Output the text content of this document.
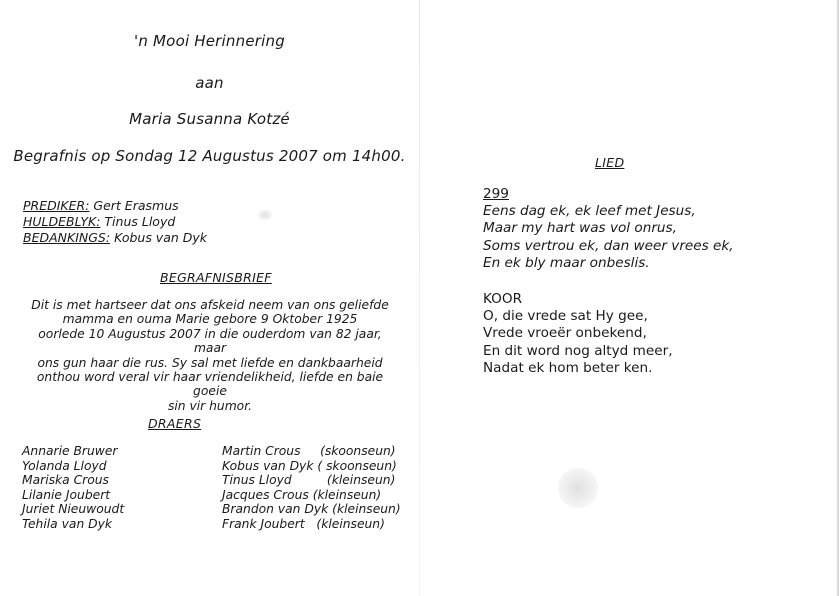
'n Mooi Herinnering
aan
Maria Susanna Kotzé
Begrafnis op Sondag 12 Augustus 2007 om 14h00.
PREDIKER: Gert Erasmus
HULDEBLYK: Tinus Lloyd
BEDANKINGS: Kobus van Dyk
BEGRAFNISBRIEF
Dit is met hartseer dat ons afskeid neem van ons geliefde
mamma en ouma Marie gebore 9 Oktober 1925
oorlede 10 Augustus 2007 in die ouderdom van 82 jaar, maar
ons gun haar die rus. Sy sal met liefde en dankbaarheid
onthou word veral vir haar vriendelikheid, liefde en baie goeie
sin vir humor.
DRAERS
Annarie Bruwer
Yolanda Lloyd
Mariska Crous
Lilanie Joubert
Juriet Nieuwoudt
Tehila van Dyk
Martin Crous (skoonseun)
Kobus van Dyk ( skoonseun)
Tinus Lloyd	(kleinseun)
Jacques Crous (kleinseun)
Brandon van Dyk (kleinseun)
Frank Joubert (kleinseun)
LIED
299
Eens dag ek, ek leef met Jesus,
Maar my hart was vol onrus,
Soms vertrou ek, dan weer vrees ek,
En ek bly maar onbeslis.
KOOR
O, die vrede sat Hy gee,
Vrede vroeër onbekend,
En dit word nog altyd meer,
Nadat ek hom beter ken.
